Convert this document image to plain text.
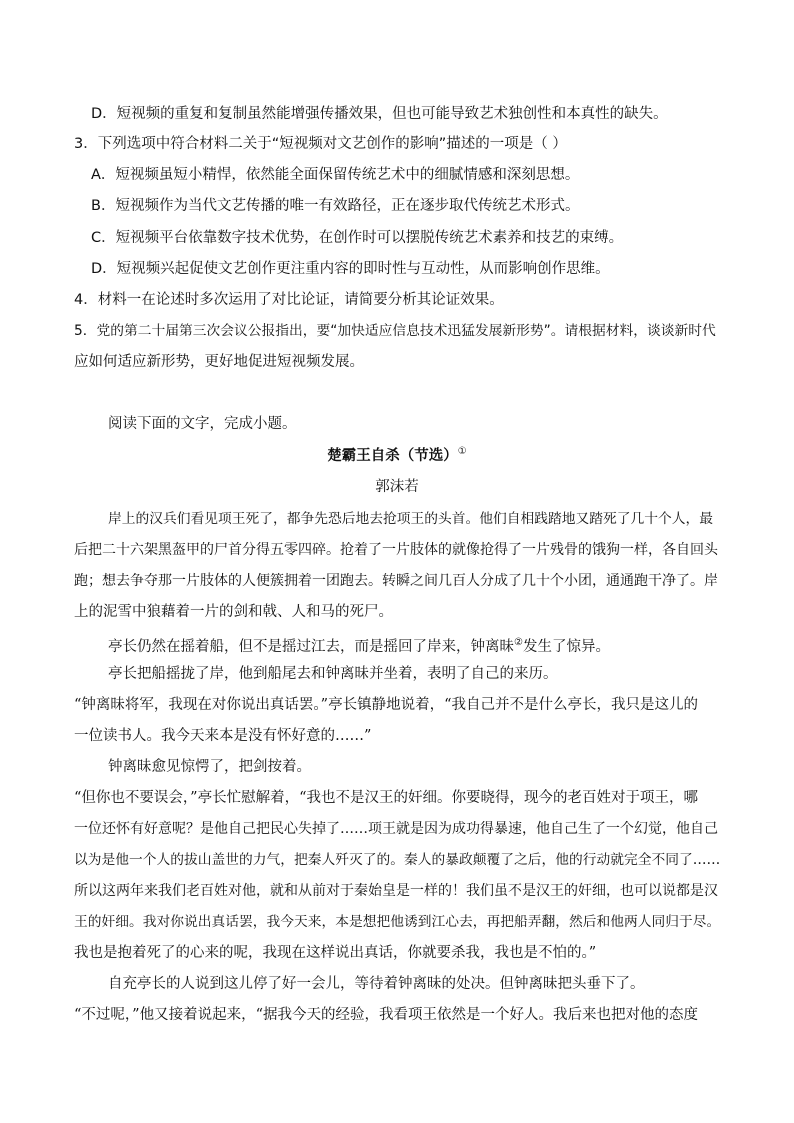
D．短视频的重复和复制虽然能增强传播效果，但也可能导致艺术独创性和本真性的缺失。
3．下列选项中符合材料二关于“短视频对文艺创作的影响”描述的一项是（ ）
A．短视频虽短小精悍，依然能全面保留传统艺术中的细腻情感和深刻思想。
B．短视频作为当代文艺传播的唯一有效路径，正在逐步取代传统艺术形式。
C．短视频平台依靠数字技术优势，在创作时可以摆脱传统艺术素养和技艺的束缚。
D．短视频兴起促使文艺创作更注重内容的即时性与互动性，从而影响创作思维。
4．材料一在论述时多次运用了对比论证，请简要分析其论证效果。
5．党的第二十届第三次会议公报指出，要“加快适应信息技术迅猛发展新形势”。请根据材料，谈谈新时代
应如何适应新形势，更好地促进短视频发展。
阅读下面的文字，完成小题。
楚霸王自杀（节选）①
郭沫若
岸上的汉兵们看见项王死了，都争先恐后地去抢项王的头首。他们自相践踏地又踏死了几十个人，最
后把二十六架黑盔甲的尸首分得五零四碎。抢着了一片肢体的就像抢得了一片残骨的饿狗一样，各自回头
跑；想去争夺那一片肢体的人便簇拥着一团跑去。转瞬之间几百人分成了几十个小团，通通跑干净了。岸
上的泥雪中狼藉着一片的剑和戟、人和马的死尸。
亭长仍然在摇着船，但不是摇过江去，而是摇回了岸来，钟离昧②发生了惊异。
亭长把船摇拢了岸，他到船尾去和钟离昧并坐着，表明了自己的来历。
“钟离昧将军，我现在对你说出真话罢。”亭长镇静地说着，“我自己并不是什么亭长，我只是这儿的
一位读书人。我今天来本是没有怀好意的……”
钟离昧愈见惊愕了，把剑按着。
“但你也不要误会，”亭长忙慰解着，“我也不是汉王的奸细。你要晓得，现今的老百姓对于项王，哪
一位还怀有好意呢？是他自己把民心失掉了……项王就是因为成功得暴速，他自己生了一个幻觉，他自己
以为是他一个人的拔山盖世的力气，把秦人歼灭了的。秦人的暴政颠覆了之后，他的行动就完全不同了……
所以这两年来我们老百姓对他，就和从前对于秦始皇是一样的！我们虽不是汉王的奸细，也可以说都是汉
王的奸细。我对你说出真话罢，我今天来，本是想把他诱到江心去，再把船弄翻，然后和他两人同归于尽。
我也是抱着死了的心来的呢，我现在这样说出真话，你就要杀我，我也是不怕的。”
自充亭长的人说到这儿停了好一会儿，等待着钟离昧的处决。但钟离昧把头垂下了。
“不过呢，”他又接着说起来，“据我今天的经验，我看项王依然是一个好人。我后来也把对他的态度
